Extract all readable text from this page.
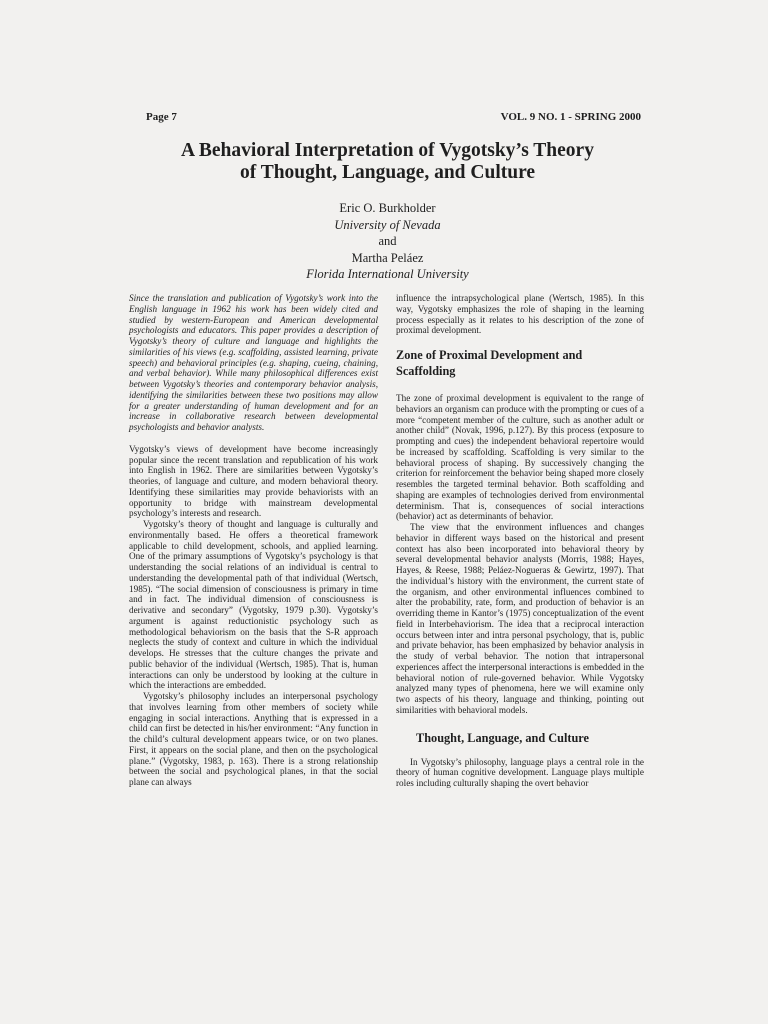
Page 7	VOL. 9 NO. 1 - SPRING 2000
A Behavioral Interpretation of Vygotsky’s Theory
of Thought, Language, and Culture
Eric O. Burkholder
University of Nevada
and
Martha Peláez
Florida International University

Since the translation and publication of Vygotsky’s work into the English language in 1962 his work has been widely cited and studied by western-European and American developmental psychologists and educators. This paper provides a description of Vygotsky’s theory of culture and language and highlights the similarities of his views (e.g. scaffolding, assisted learning, private speech) and behavioral principles (e.g. shaping, cueing, chaining, and verbal behavior). While many philosophical differences exist between Vygotsky’s theories and contemporary behavior analysis, identifying the similarities between these two positions may allow for a greater understanding of human development and for an increase in collaborative research between developmental psychologists and behavior analysts.

Vygotsky’s views of development have become increasingly popular since the recent translation and republication of his work into English in 1962. There are similarities between Vygotsky’s theories, of language and culture, and modern behavioral theory. Identifying these similarities may provide behaviorists with an opportunity to bridge with mainstream developmental psychology’s interests and research.

Vygotsky’s theory of thought and language is culturally and environmentally based. He offers a theoretical framework applicable to child development, schools, and applied learning. One of the primary assumptions of Vygotsky’s psychology is that understanding the social relations of an individual is central to understanding the developmental path of that individual (Wertsch, 1985). “The social dimension of consciousness is primary in time and in fact. The individual dimension of consciousness is derivative and secondary” (Vygotsky, 1979 p.30). Vygotsky’s argument is against reductionistic psychology such as methodological behaviorism on the basis that the S-R approach neglects the study of context and culture in which the individual develops. He stresses that the culture changes the private and public behavior of the individual (Wertsch, 1985). That is, human interactions can only be understood by looking at the culture in which the interactions are embedded.

Vygotsky’s philosophy includes an interpersonal psychology that involves learning from other members of society while engaging in social interactions. Anything that is expressed in a child can first be detected in his/her environment: “Any function in the child’s cultural development appears twice, or on two planes. First, it appears on the social plane, and then on the psychological plane.” (Vygotsky, 1983, p. 163). There is a strong relationship between the social and psychological planes, in that the social plane can always

influence the intrapsychological plane (Wertsch, 1985). In this way, Vygotsky emphasizes the role of shaping in the learning process especially as it relates to his description of the zone of proximal development.

Zone of Proximal Development and
Scaffolding

The zone of proximal development is equivalent to the range of behaviors an organism can produce with the prompting or cues of a more “competent member of the culture, such as another adult or another child” (Novak, 1996, p.127). By this process (exposure to prompting and cues) the independent behavioral repertoire would be increased by scaffolding. Scaffolding is very similar to the behavioral process of shaping. By successively changing the criterion for reinforcement the behavior being shaped more closely resembles the targeted terminal behavior. Both scaffolding and shaping are examples of technologies derived from environmental determinism. That is, consequences of social interactions (behavior) act as determinants of behavior.

The view that the environment influences and changes behavior in different ways based on the historical and present context has also been incorporated into behavioral theory by several developmental behavior analysts (Morris, 1988; Hayes, Hayes, & Reese, 1988; Peláez-Nogueras & Gewirtz, 1997). That the individual’s history with the environment, the current state of the organism, and other environmental influences combined to alter the probability, rate, form, and production of behavior is an overriding theme in Kantor’s (1975) conceptualization of the event field in Interbehaviorism. The idea that a reciprocal interaction occurs between inter and intra personal psychology, that is, public and private behavior, has been emphasized by behavior analysis in the study of verbal behavior. The notion that intrapersonal experiences affect the interpersonal interactions is embedded in the behavioral notion of rule-governed behavior. While Vygotsky analyzed many types of phenomena, here we will examine only two aspects of his theory, language and thinking, pointing out similarities with behavioral models.

Thought, Language, and Culture

In Vygotsky’s philosophy, language plays a central role in the theory of human cognitive development. Language plays multiple roles including culturally shaping the overt behavior
